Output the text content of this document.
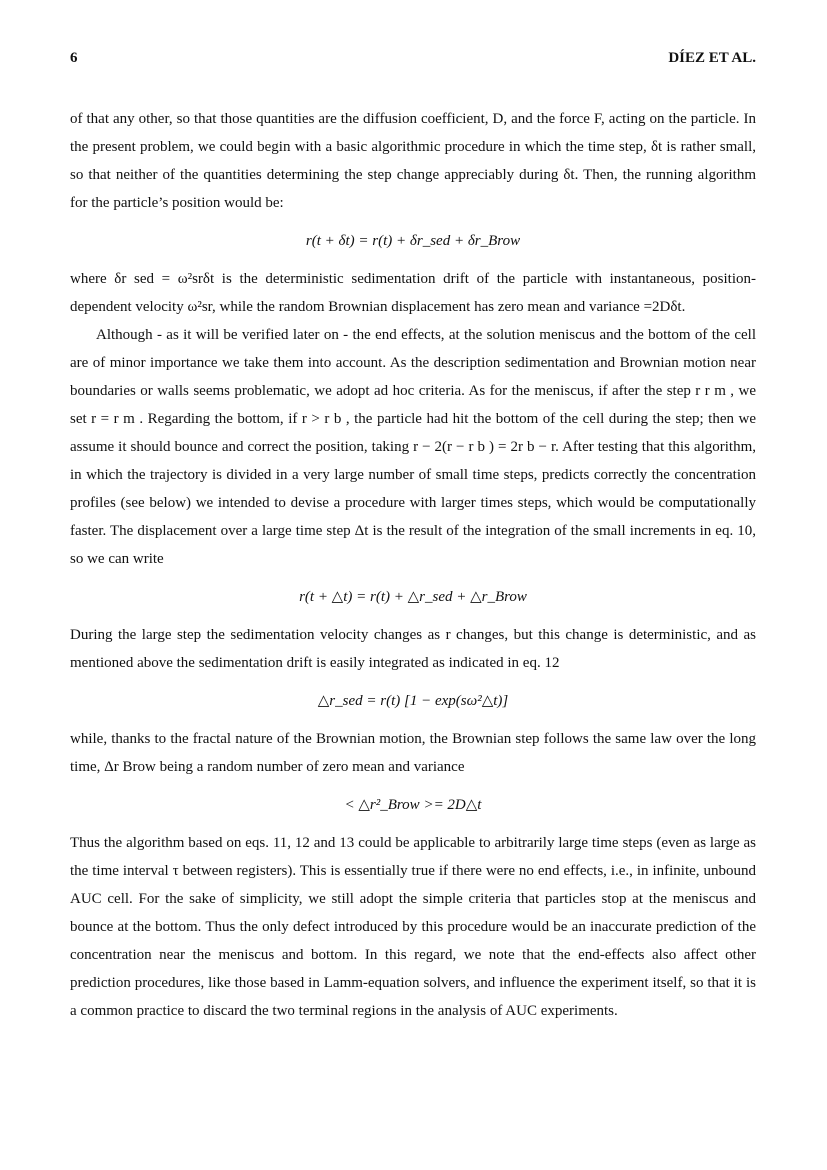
6	DÍEZ ET AL.

of that any other, so that those quantities are the diffusion coefficient, D, and the force F, acting on the particle. In the present problem, we could begin with a basic algorithmic procedure in which the time step, δt is rather small, so that neither of the quantities determining the step change appreciably during δt. Then, the running algorithm for the particle’s position would be:

r(t + δt) = r(t) + δr_sed + δr_Brow

where δr sed = ω²srδt is the deterministic sedimentation drift of the particle with instantaneous, position-dependent velocity ω²sr, while the random Brownian displacement has zero mean and variance =2Dδt.

Although - as it will be verified later on - the end effects, at the solution meniscus and the bottom of the cell are of minor importance we take them into account. As the description sedimentation and Brownian motion near boundaries or walls seems problematic, we adopt ad hoc criteria. As for the meniscus, if after the step r r m , we set r = r m . Regarding the bottom, if r > r b , the particle had hit the bottom of the cell during the step; then we assume it should bounce and correct the position, taking r − 2(r − r b ) = 2r b − r. After testing that this algorithm, in which the trajectory is divided in a very large number of small time steps, predicts correctly the concentration profiles (see below) we intended to devise a procedure with larger times steps, which would be computationally faster. The displacement over a large time step Δt is the result of the integration of the small increments in eq. 10, so we can write

r(t + △t) = r(t) + △r_sed + △r_Brow

During the large step the sedimentation velocity changes as r changes, but this change is deterministic, and as mentioned above the sedimentation drift is easily integrated as indicated in eq. 12

△r_sed = r(t) [1 − exp(sω²△t)]

while, thanks to the fractal nature of the Brownian motion, the Brownian step follows the same law over the long time, Δr Brow being a random number of zero mean and variance

< △r²_Brow >= 2D△t

Thus the algorithm based on eqs. 11, 12 and 13 could be applicable to arbitrarily large time steps (even as large as the time interval τ between registers). This is essentially true if there were no end effects, i.e., in infinite, unbound AUC cell. For the sake of simplicity, we still adopt the simple criteria that particles stop at the meniscus and bounce at the bottom. Thus the only defect introduced by this procedure would be an inaccurate prediction of the concentration near the meniscus and bottom. In this regard, we note that the end-effects also affect other prediction procedures, like those based in Lamm-equation solvers, and influence the experiment itself, so that it is a common practice to discard the two terminal regions in the analysis of AUC experiments.
